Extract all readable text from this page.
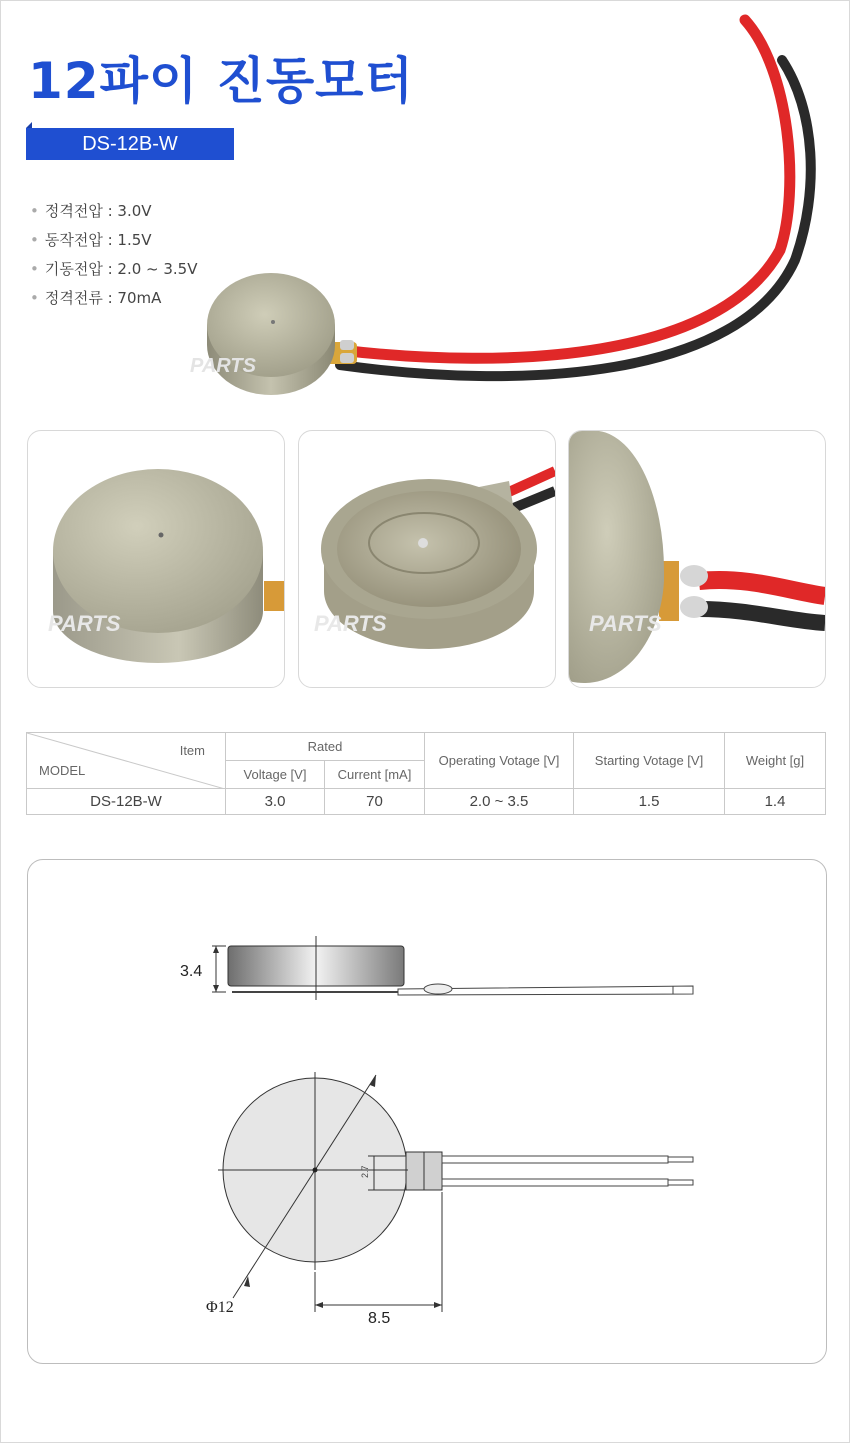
12파이 진동모터
DS-12B-W
• 정격전압 : 3.0V
• 동작전압 : 1.5V
• 기동전압 : 2.0 ~ 3.5V
• 정격전류 : 70mA
PARTS
PARTS	PARTS	PARTS
Item
MODEL	Rated		Operating Votage [V]	Starting Votage [V]	Weight [g]
	Voltage [V]	Current [mA]			
DS-12B-W	3.0	70	2.0 ~ 3.5	1.5	1.4
3.4
2.7
Φ12
8.5
